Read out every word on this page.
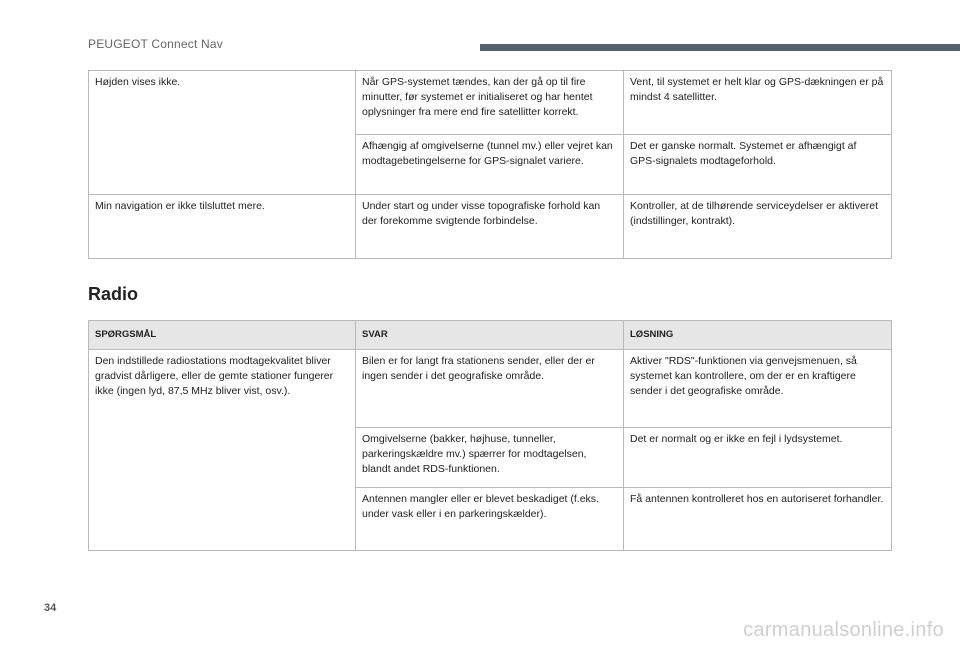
PEUGEOT Connect Nav
Højden vises ikke.	Når GPS-systemet tændes, kan der gå op til fire minutter, før systemet er initialiseret og har hentet oplysninger fra mere end fire satellitter korrekt.	Vent, til systemet er helt klar og GPS-dækningen er på mindst 4 satellitter.
	Afhængig af omgivelserne (tunnel mv.) eller vejret kan modtagebetingelserne for GPS-signalet variere.	Det er ganske normalt. Systemet er afhængigt af GPS-signalets modtageforhold.
Min navigation er ikke tilsluttet mere.	Under start og under visse topografiske forhold kan der forekomme svigtende forbindelse.	Kontroller, at de tilhørende serviceydelser er aktiveret (indstillinger, kontrakt).
Radio
SPØRGSMÅL	SVAR	LØSNING
Den indstillede radiostations modtagekvalitet bliver gradvist dårligere, eller de gemte stationer fungerer ikke (ingen lyd, 87,5 MHz bliver vist, osv.).	Bilen er for langt fra stationens sender, eller der er ingen sender i det geografiske område.	Aktiver "RDS"-funktionen via genvejsmenuen, så systemet kan kontrollere, om der er en kraftigere sender i det geografiske område.
	Omgivelserne (bakker, højhuse, tunneller, parkeringskældre mv.) spærrer for modtagelsen, blandt andet RDS-funktionen.	Det er normalt og er ikke en fejl i lydsystemet.
	Antennen mangler eller er blevet beskadiget (f.eks. under vask eller i en parkeringskælder).	Få antennen kontrolleret hos en autoriseret forhandler.
34
carmanualsonline.info
